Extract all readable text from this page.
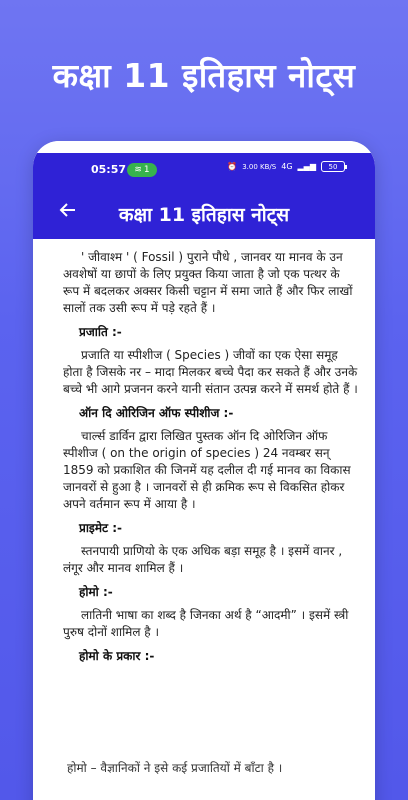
कक्षा 11 इतिहास नोट्स
05:57 ≋ 1	⏰ 3.00 KB/S 4G ▂▄▆ 50
कक्षा 11 इतिहास नोट्स

' जीवाश्म ' ( Fossil ) पुराने पौधे , जानवर या मानव के उन अवशेषों या छापों के लिए प्रयुक्त किया जाता है जो एक पत्थर के रूप में बदलकर अक्सर किसी चट्टान में समा जाते हैं और फिर लाखों सालों तक उसी रूप में पड़े रहते हैं ।

प्रजाति :-

प्रजाति या स्पीशीज ( Species ) जीवों का एक ऐसा समूह होता है जिसके नर – मादा मिलकर बच्चे पैदा कर सकते हैं और उनके बच्चे भी आगे प्रजनन करने यानी संतान उत्पन्न करने में समर्थ होते हैं ।

ऑन दि ओरिजिन ऑफ स्पीशीज :-

चार्ल्स डार्विन द्वारा लिखित पुस्तक ऑन दि ओरिजिन ऑफ स्पीशीज ( on the origin of species ) 24 नवम्बर सन् 1859 को प्रकाशित की जिनमें यह दलील दी गई मानव का विकास जानवरों से हुआ है । जानवरों से ही क्रमिक रूप से विकसित होकर अपने वर्तमान रूप में आया है ।

प्राइमेट :-

स्तनपायी प्राणियो के एक अधिक बड़ा समूह है । इसमें वानर , लंगूर और मानव शामिल हैं ।

होमो :-

लातिनी भाषा का शब्द है जिनका अर्थ है “आदमी” । इसमें स्त्री पुरुष दोनों शामिल है ।

होमो के प्रकार :-

होमो – वैज्ञानिकों ने इसे कई प्रजातियों में बाँटा है ।
